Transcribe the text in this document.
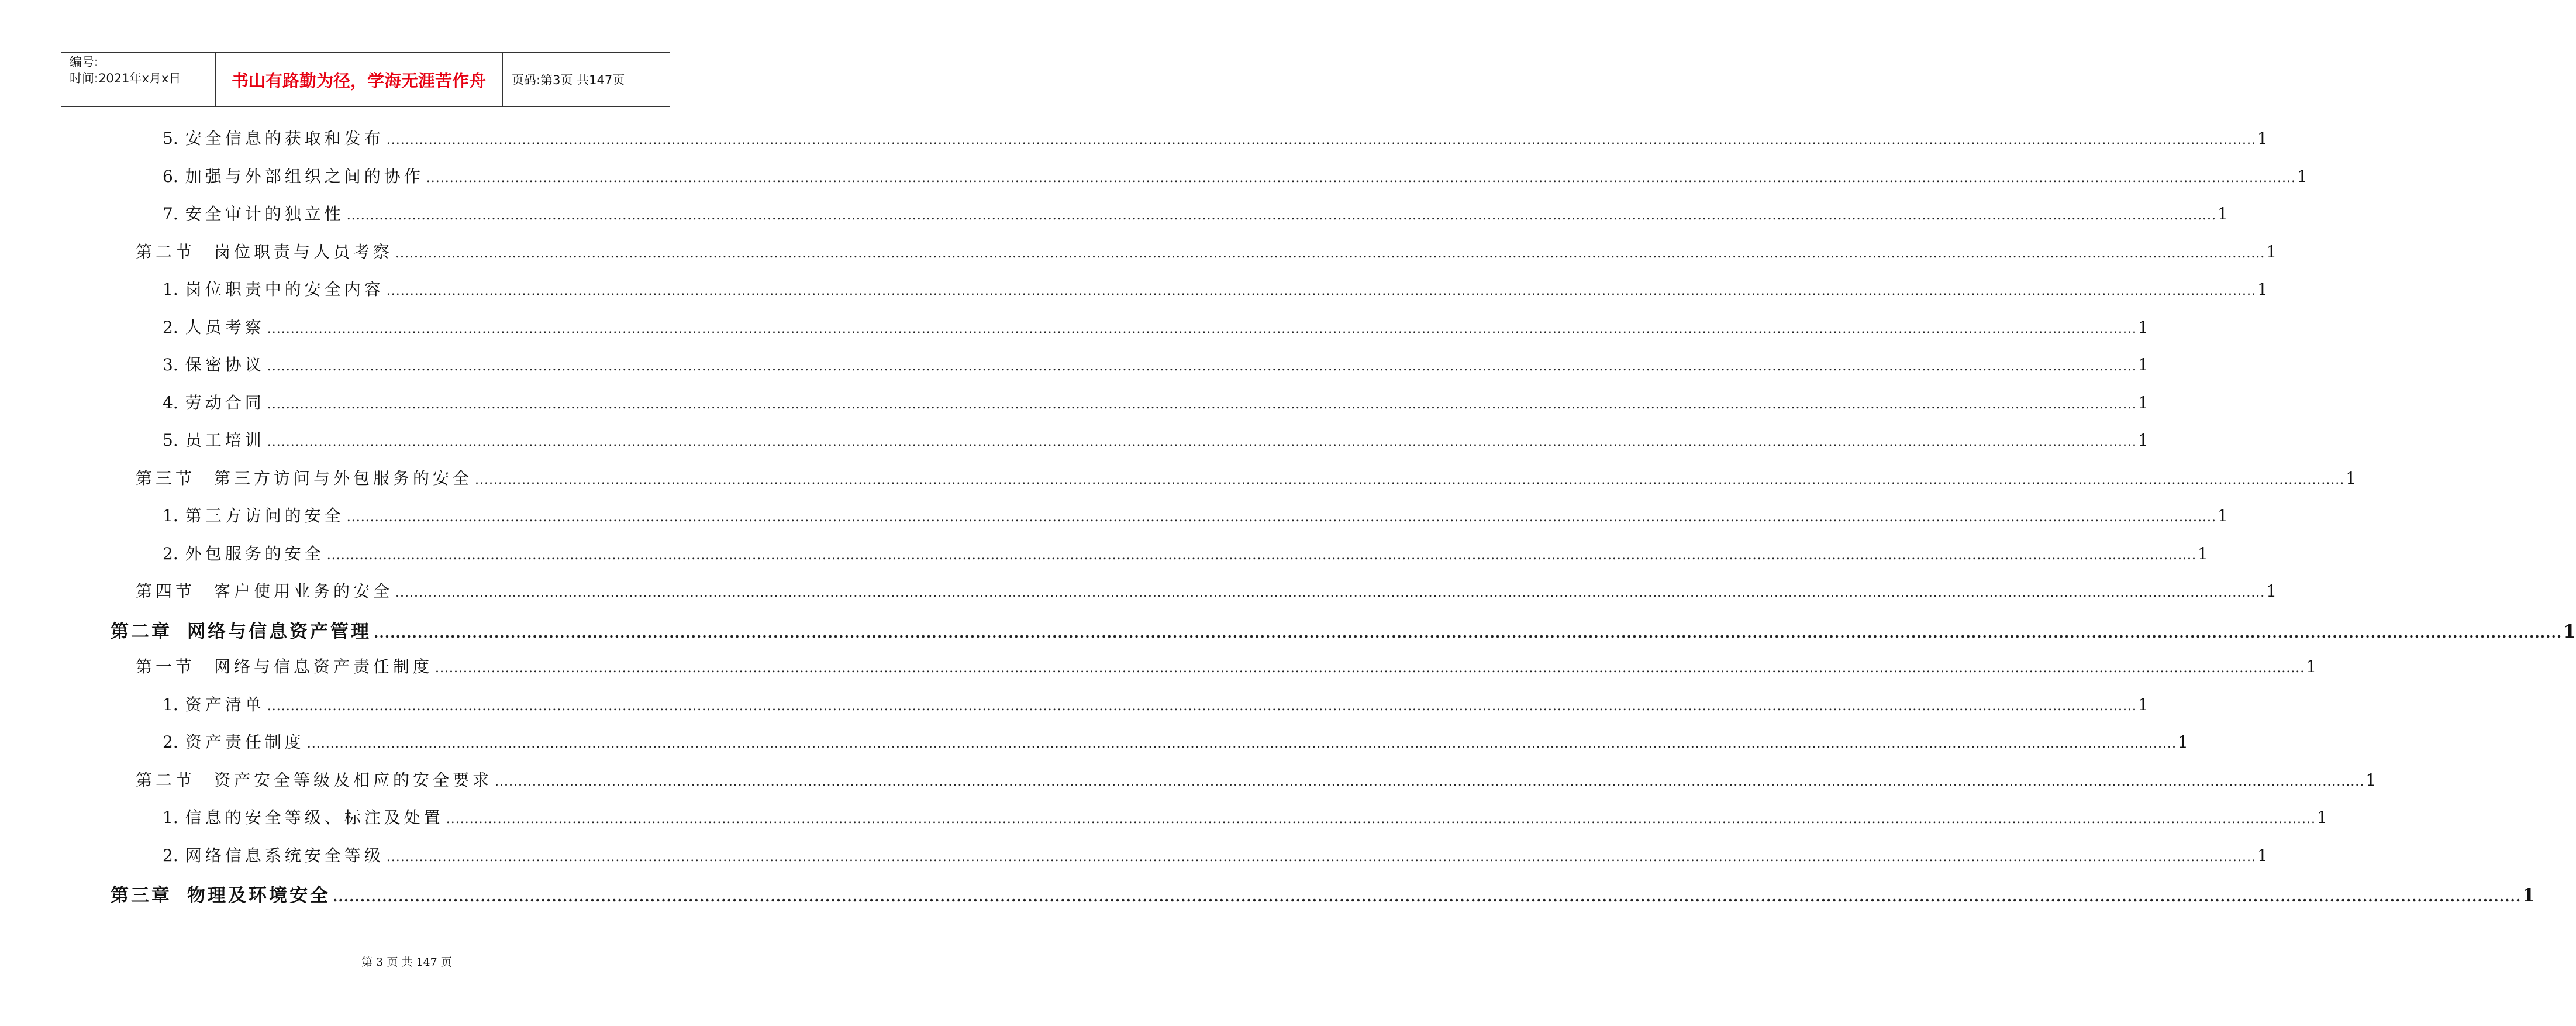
编号:
时间:2021年x月x日	书山有路勤为径，学海无涯苦作舟	页码:第3页 共147页
5. 安全信息的获取和发布 ................................................................................................................................................................................................................................................................................................................................................................................................................ 1
6. 加强与外部组织之间的协作 ................................................................................................................................................................................................................................................................................................................................................................................................................ 1
7. 安全审计的独立性 ................................................................................................................................................................................................................................................................................................................................................................................................................ 1
第二节 岗位职责与人员考察 ................................................................................................................................................................................................................................................................................................................................................................................................................ 1
1. 岗位职责中的安全内容 ................................................................................................................................................................................................................................................................................................................................................................................................................ 1
2. 人员考察 ................................................................................................................................................................................................................................................................................................................................................................................................................ 1
3. 保密协议 ................................................................................................................................................................................................................................................................................................................................................................................................................ 1
4. 劳动合同 ................................................................................................................................................................................................................................................................................................................................................................................................................ 1
5. 员工培训 ................................................................................................................................................................................................................................................................................................................................................................................................................ 1
第三节 第三方访问与外包服务的安全 ................................................................................................................................................................................................................................................................................................................................................................................................................ 1
1. 第三方访问的安全 ................................................................................................................................................................................................................................................................................................................................................................................................................ 1
2. 外包服务的安全 ................................................................................................................................................................................................................................................................................................................................................................................................................ 1
第四节 客户使用业务的安全 ................................................................................................................................................................................................................................................................................................................................................................................................................ 1
第二章 网络与信息资产管理 ................................................................................................................................................................................................................................................................................................................................................................................................................ 1
第一节 网络与信息资产责任制度 ................................................................................................................................................................................................................................................................................................................................................................................................................ 1
1. 资产清单 ................................................................................................................................................................................................................................................................................................................................................................................................................ 1
2. 资产责任制度 ................................................................................................................................................................................................................................................................................................................................................................................................................ 1
第二节 资产安全等级及相应的安全要求 ................................................................................................................................................................................................................................................................................................................................................................................................................ 1
1. 信息的安全等级、标注及处置 ................................................................................................................................................................................................................................................................................................................................................................................................................ 1
2. 网络信息系统安全等级 ................................................................................................................................................................................................................................................................................................................................................................................................................ 1
第三章 物理及环境安全 ................................................................................................................................................................................................................................................................................................................................................................................................................ 1
第 3 页 共 147 页
